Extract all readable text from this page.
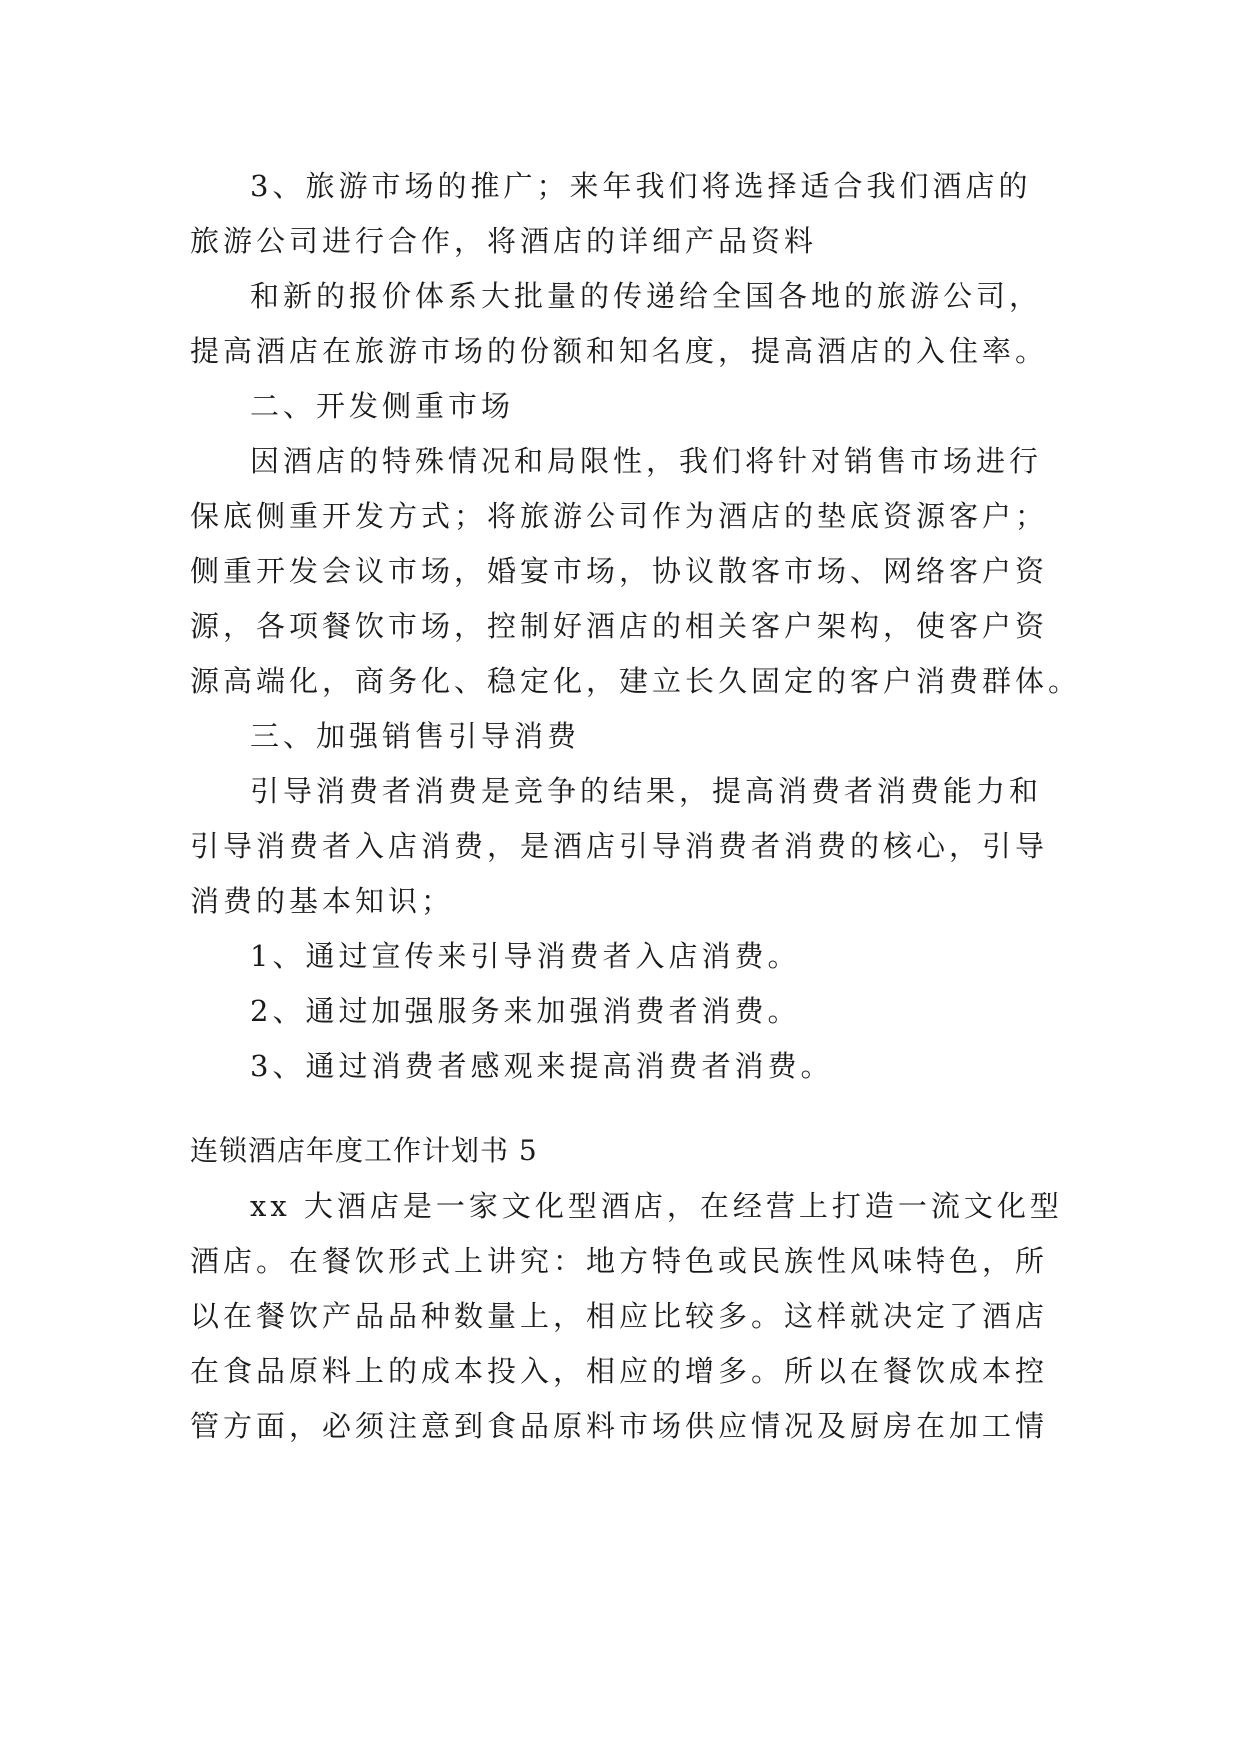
3、旅游市场的推广；来年我们将选择适合我们酒店的
旅游公司进行合作，将酒店的详细产品资料
和新的报价体系大批量的传递给全国各地的旅游公司，
提高酒店在旅游市场的份额和知名度，提高酒店的入住率。
二、开发侧重市场
因酒店的特殊情况和局限性，我们将针对销售市场进行
保底侧重开发方式；将旅游公司作为酒店的垫底资源客户；
侧重开发会议市场，婚宴市场，协议散客市场、网络客户资
源，各项餐饮市场，控制好酒店的相关客户架构，使客户资
源高端化，商务化、稳定化，建立长久固定的客户消费群体。
三、加强销售引导消费
引导消费者消费是竞争的结果，提高消费者消费能力和
引导消费者入店消费，是酒店引导消费者消费的核心，引导
消费的基本知识；
1、通过宣传来引导消费者入店消费。
2、通过加强服务来加强消费者消费。
3、通过消费者感观来提高消费者消费。
连锁酒店年度工作计划书 5
xx 大酒店是一家文化型酒店，在经营上打造一流文化型
酒店。在餐饮形式上讲究：地方特色或民族性风味特色，所
以在餐饮产品品种数量上，相应比较多。这样就决定了酒店
在食品原料上的成本投入，相应的增多。所以在餐饮成本控
管方面，必须注意到食品原料市场供应情况及厨房在加工情
